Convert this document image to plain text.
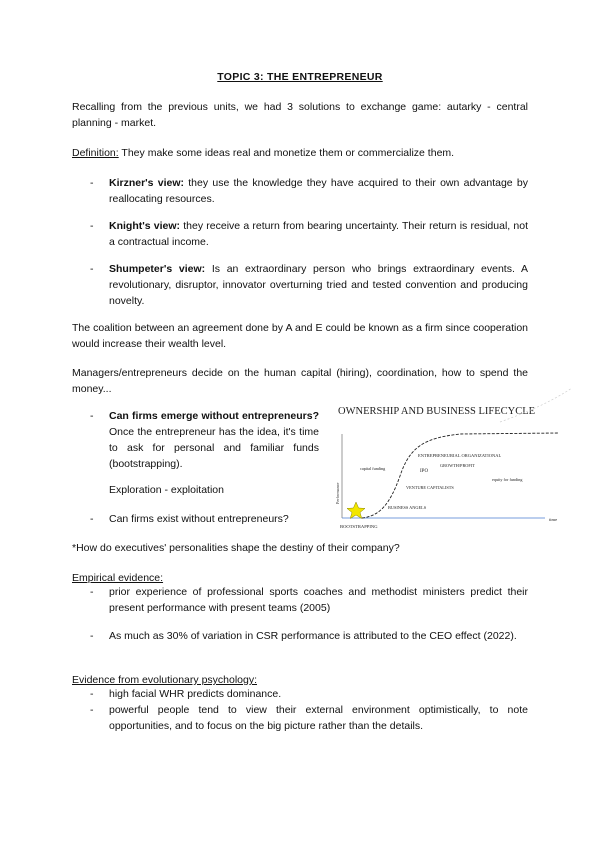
TOPIC 3: THE ENTREPRENEUR
Recalling from the previous units, we had 3 solutions to exchange game: autarky - central planning - market.
Definition: They make some ideas real and monetize them or commercialize them.
- Kirzner's view: they use the knowledge they have acquired to their own advantage by reallocating resources.
- Knight's view: they receive a return from bearing uncertainty. Their return is residual, not a contractual income.
- Shumpeter's view: Is an extraordinary person who brings extraordinary events. A revolutionary, disruptor, innovator overturning tried and tested convention and producing novelty.
The coalition between an agreement done by A and E could be known as a firm since cooperation would increase their wealth level.
Managers/entrepreneurs decide on the human capital (hiring), coordination, how to spend the money...
- Can firms emerge without entrepreneurs? Once the entrepreneur has the idea, it's time to ask for personal and familiar funds (bootstrapping).
Exploration - exploitation
- Can firms exist without entrepreneurs?
OWNERSHIP AND BUSINESS LIFECYCLE
ENTREPRENEURIAL ORGANIZATIONAL
GROWTH/PROFIT
IPO
VENTURE CAPITALISTS
BUSINESS ANGELS
BOOTSTRAPPING
capital funding
equity for funding
time
Performance
*How do executives' personalities shape the destiny of their company?
Empirical evidence:
- prior experience of professional sports coaches and methodist ministers predict their present performance with present teams (2005)
- As much as 30% of variation in CSR performance is attributed to the CEO effect (2022).
Evidence from evolutionary psychology:
- high facial WHR predicts dominance.
- powerful people tend to view their external environment optimistically, to note opportunities, and to focus on the big picture rather than the details.
